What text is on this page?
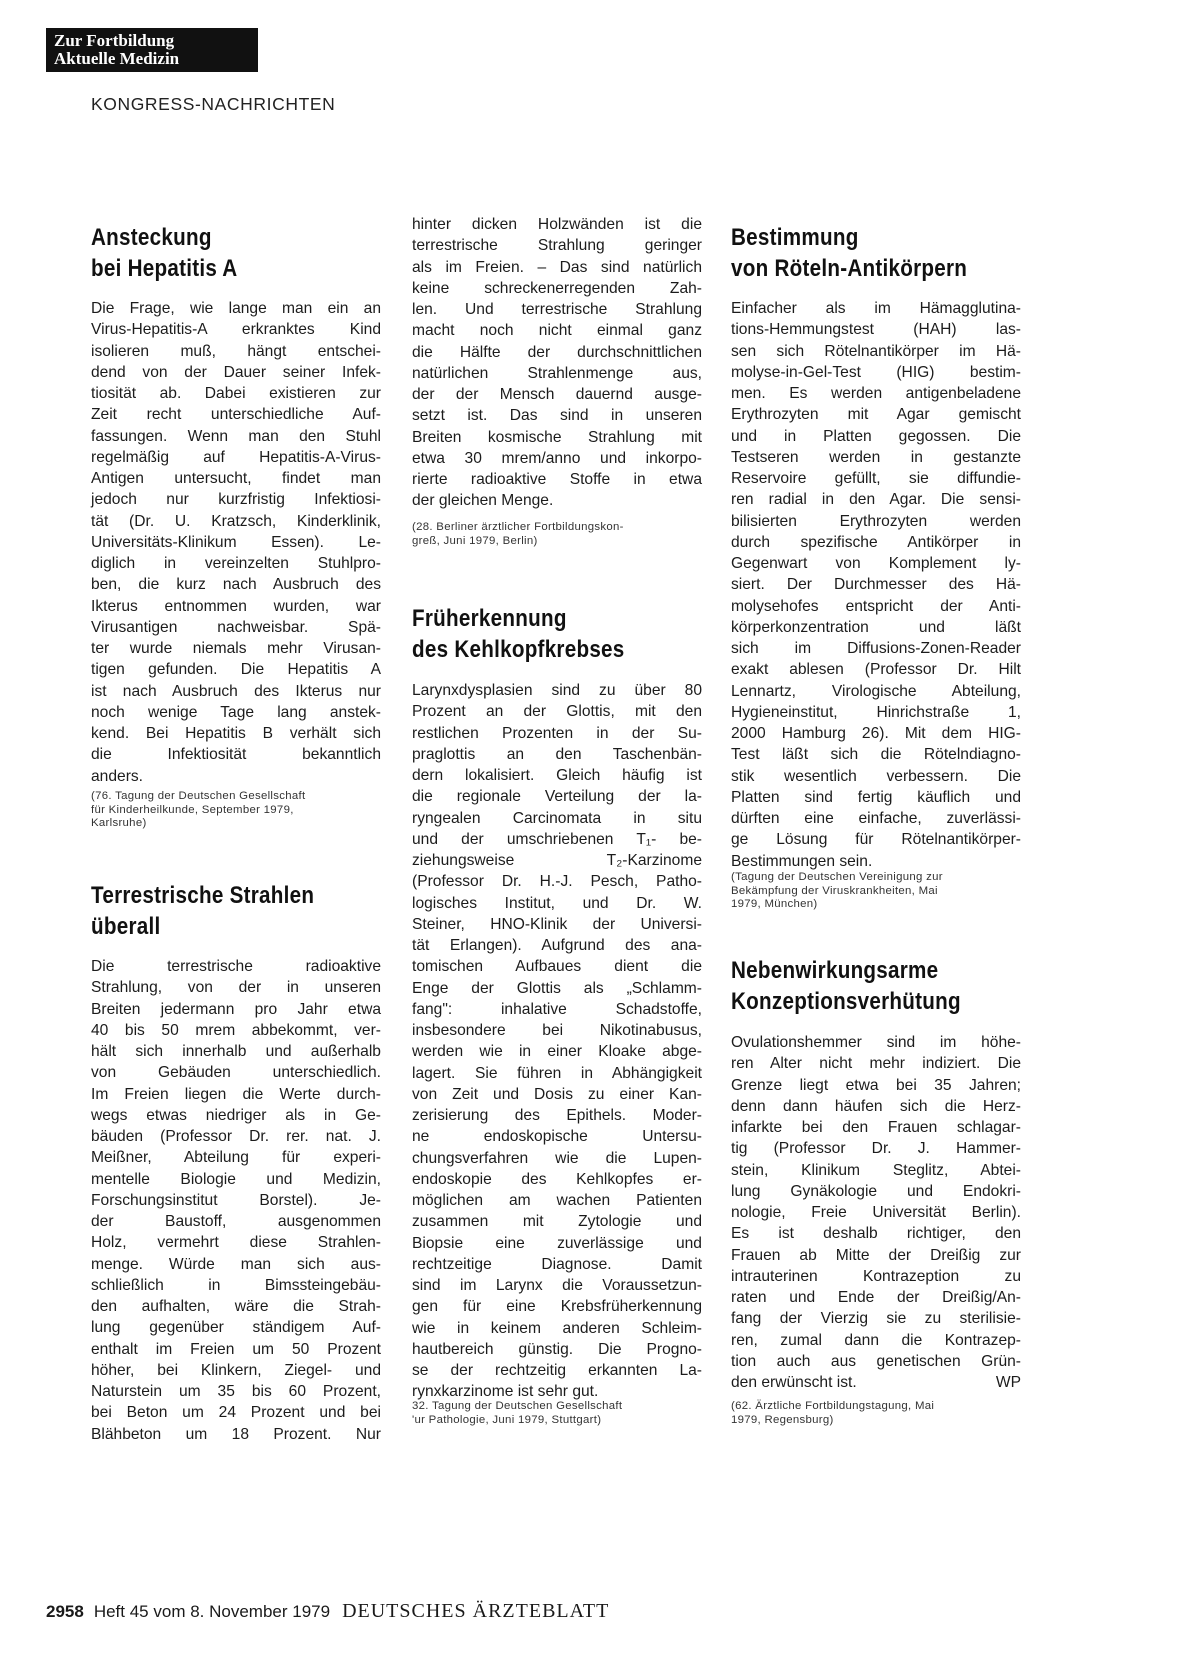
Zur Fortbildung
Aktuelle Medizin
KONGRESS-NACHRICHTEN
Ansteckung
bei Hepatitis A
Die Frage, wie lange man ein an
Virus-Hepatitis-A erkranktes Kind
isolieren muß, hängt entschei-
dend von der Dauer seiner Infek-
tiosität ab. Dabei existieren zur
Zeit recht unterschiedliche Auf-
fassungen. Wenn man den Stuhl
regelmäßig auf Hepatitis-A-Virus-
Antigen untersucht, findet man
jedoch nur kurzfristig Infektiosi-
tät (Dr. U. Kratzsch, Kinderklinik,
Universitäts-Klinikum Essen). Le-
diglich in vereinzelten Stuhlpro-
ben, die kurz nach Ausbruch des
Ikterus entnommen wurden, war
Virusantigen nachweisbar. Spä-
ter wurde niemals mehr Virusan-
tigen gefunden. Die Hepatitis A
ist nach Ausbruch des Ikterus nur
noch wenige Tage lang anstek-
kend. Bei Hepatitis B verhält sich
die Infektiosität bekanntlich
anders.
(76. Tagung der Deutschen Gesellschaft
für Kinderheilkunde, September 1979,
Karlsruhe)
Terrestrische Strahlen
überall
Die terrestrische radioaktive
Strahlung, von der in unseren
Breiten jedermann pro Jahr etwa
40 bis 50 mrem abbekommt, ver-
hält sich innerhalb und außerhalb
von Gebäuden unterschiedlich.
Im Freien liegen die Werte durch-
wegs etwas niedriger als in Ge-
bäuden (Professor Dr. rer. nat. J.
Meißner, Abteilung für experi-
mentelle Biologie und Medizin,
Forschungsinstitut Borstel). Je-
der Baustoff, ausgenommen
Holz, vermehrt diese Strahlen-
menge. Würde man sich aus-
schließlich in Bimssteingebäu-
den aufhalten, wäre die Strah-
lung gegenüber ständigem Auf-
enthalt im Freien um 50 Prozent
höher, bei Klinkern, Ziegel- und
Naturstein um 35 bis 60 Prozent,
bei Beton um 24 Prozent und bei
Blähbeton um 18 Prozent. Nur
hinter dicken Holzwänden ist die
terrestrische Strahlung geringer
als im Freien. – Das sind natürlich
keine schreckenerregenden Zah-
len. Und terrestrische Strahlung
macht noch nicht einmal ganz
die Hälfte der durchschnittlichen
natürlichen Strahlenmenge aus,
der der Mensch dauernd ausge-
setzt ist. Das sind in unseren
Breiten kosmische Strahlung mit
etwa 30 mrem/anno und inkorpo-
rierte radioaktive Stoffe in etwa
der gleichen Menge.
(28. Berliner ärztlicher Fortbildungskon-
greß, Juni 1979, Berlin)
Früherkennung
des Kehlkopfkrebses
Larynxdysplasien sind zu über 80
Prozent an der Glottis, mit den
restlichen Prozenten in der Su-
praglottis an den Taschenbän-
dern lokalisiert. Gleich häufig ist
die regionale Verteilung der la-
ryngealen Carcinomata in situ
und der umschriebenen T₁- be-
ziehungsweise T₂-Karzinome
(Professor Dr. H.-J. Pesch, Patho-
logisches Institut, und Dr. W.
Steiner, HNO-Klinik der Universi-
tät Erlangen). Aufgrund des ana-
tomischen Aufbaues dient die
Enge der Glottis als „Schlamm-
fang": inhalative Schadstoffe,
insbesondere bei Nikotinabusus,
werden wie in einer Kloake abge-
lagert. Sie führen in Abhängigkeit
von Zeit und Dosis zu einer Kan-
zerisierung des Epithels. Moder-
ne endoskopische Untersu-
chungsverfahren wie die Lupen-
endoskopie des Kehlkopfes er-
möglichen am wachen Patienten
zusammen mit Zytologie und
Biopsie eine zuverlässige und
rechtzeitige Diagnose. Damit
sind im Larynx die Voraussetzun-
gen für eine Krebsfrüherkennung
wie in keinem anderen Schleim-
hautbereich günstig. Die Progno-
se der rechtzeitig erkannten La-
rynxkarzinome ist sehr gut.
32. Tagung der Deutschen Gesellschaft
'ur Pathologie, Juni 1979, Stuttgart)
Bestimmung
von Röteln-Antikörpern
Einfacher als im Hämagglutina-
tions-Hemmungstest (HAH) las-
sen sich Rötelnantikörper im Hä-
molyse-in-Gel-Test (HIG) bestim-
men. Es werden antigenbeladene
Erythrozyten mit Agar gemischt
und in Platten gegossen. Die
Testseren werden in gestanzte
Reservoire gefüllt, sie diffundie-
ren radial in den Agar. Die sensi-
bilisierten Erythrozyten werden
durch spezifische Antikörper in
Gegenwart von Komplement ly-
siert. Der Durchmesser des Hä-
molysehofes entspricht der Anti-
körperkonzentration und läßt
sich im Diffusions-Zonen-Reader
exakt ablesen (Professor Dr. Hilt
Lennartz, Virologische Abteilung,
Hygieneinstitut, Hinrichstraße 1,
2000 Hamburg 26). Mit dem HIG-
Test läßt sich die Rötelndiagno-
stik wesentlich verbessern. Die
Platten sind fertig käuflich und
dürften eine einfache, zuverlässi-
ge Lösung für Rötelnantikörper-
Bestimmungen sein.
(Tagung der Deutschen Vereinigung zur
Bekämpfung der Viruskrankheiten, Mai
1979, München)
Nebenwirkungsarme
Konzeptionsverhütung
Ovulationshemmer sind im höhe-
ren Alter nicht mehr indiziert. Die
Grenze liegt etwa bei 35 Jahren;
denn dann häufen sich die Herz-
infarkte bei den Frauen schlagar-
tig (Professor Dr. J. Hammer-
stein, Klinikum Steglitz, Abtei-
lung Gynäkologie und Endokri-
nologie, Freie Universität Berlin).
Es ist deshalb richtiger, den
Frauen ab Mitte der Dreißig zur
intrauterinen Kontrazeption zu
raten und Ende der Dreißig/An-
fang der Vierzig sie zu sterilisie-
ren, zumal dann die Kontrazep-
tion auch aus genetischen Grün-
den erwünscht ist.	WP
(62. Ärztliche Fortbildungstagung, Mai
1979, Regensburg)
2958 Heft 45 vom 8. November 1979 DEUTSCHES ÄRZTEBLATT
